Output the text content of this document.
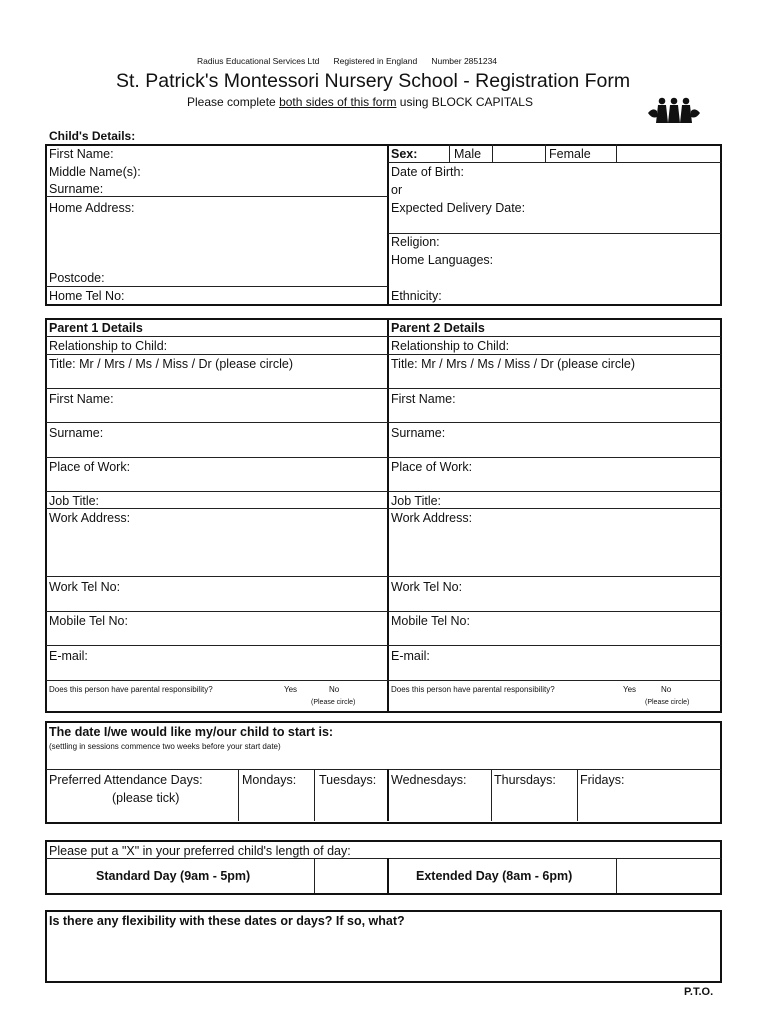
Radius Educational Services Ltd      Registered in England      Number 2851234
St. Patrick's Montessori Nursery School - Registration Form
Please complete both sides of this form using BLOCK CAPITALS
Child's Details:
First Name:
Middle Name(s):
Surname:
Home Address:
Postcode:
Home Tel No:
Sex:	Male	Female
Date of Birth:
or
Expected Delivery Date:
Religion:
Home Languages:
Ethnicity:
Parent 1 Details
Relationship to Child:
Title: Mr / Mrs / Ms / Miss / Dr (please circle)
First Name:
Surname:
Place of Work:
Job Title:
Work Address:
Work Tel No:
Mobile Tel No:
E-mail:
Does this person have parental responsibility?	Yes	No
(Please circle)
Parent 2 Details
Relationship to Child:
Title: Mr / Mrs / Ms / Miss / Dr (please circle)
First Name:
Surname:
Place of Work:
Job Title:
Work Address:
Work Tel No:
Mobile Tel No:
E-mail:
Does this person have parental responsibility?	Yes	No
(Please circle)
The date I/we would like my/our child to start is:
(settling in sessions commence two weeks before your start date)
Preferred Attendance Days:
(please tick)
Mondays: Tuesdays: Wednesdays: Thursdays: Fridays:
Please put a "X" in your preferred child's length of day:
Standard Day (9am - 5pm)	Extended Day (8am - 6pm)
Is there any flexibility with these dates or days? If so, what?
P.T.O.
